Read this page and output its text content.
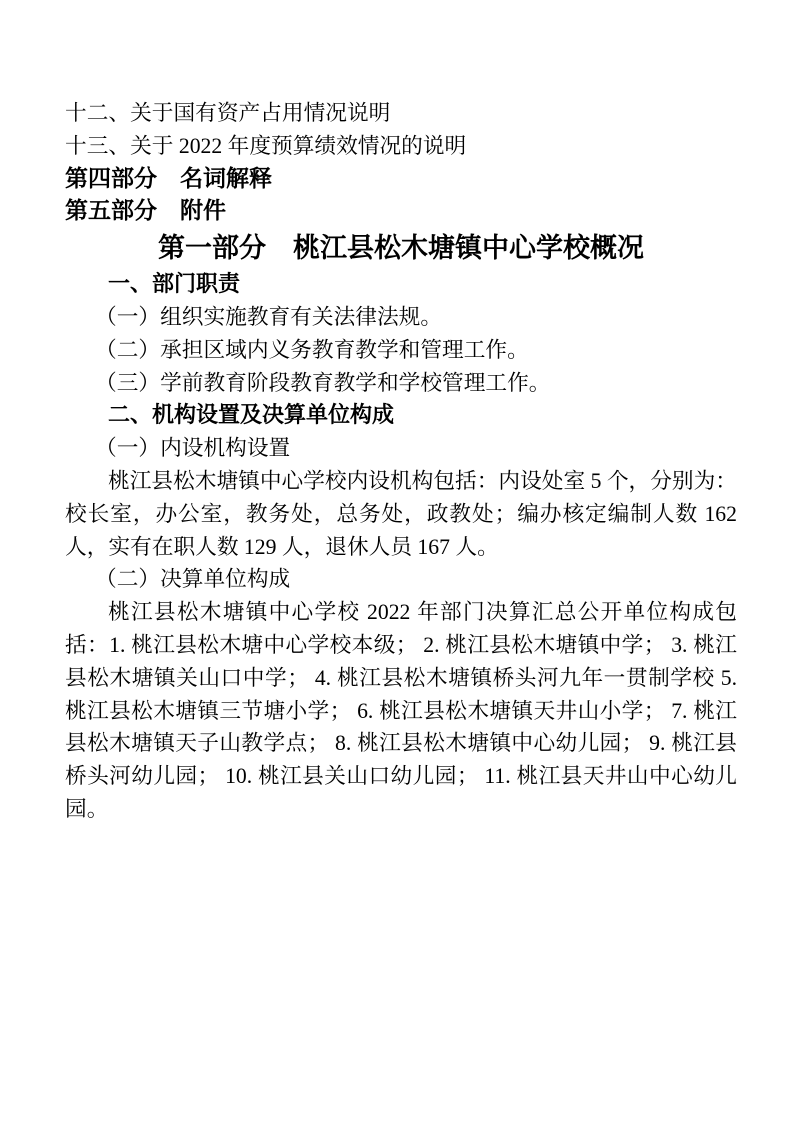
十二、关于国有资产占用情况说明

十三、关于 2022 年度预算绩效情况的说明

第四部分　名词解释

第五部分　附件

第一部分　桃江县松木塘镇中心学校概况

一、部门职责

（一）组织实施教育有关法律法规。

（二）承担区域内义务教育教学和管理工作。

（三）学前教育阶段教育教学和学校管理工作。

二、机构设置及决算单位构成

（一）内设机构设置

桃江县松木塘镇中心学校内设机构包括：内设处室 5 个，分别为：校长室，办公室，教务处，总务处，政教处；编办核定编制人数 162 人，实有在职人数 129 人，退休人员 167 人。

（二）决算单位构成

桃江县松木塘镇中心学校 2022 年部门决算汇总公开单位构成包括：1. 桃江县松木塘中心学校本级； 2. 桃江县松木塘镇中学； 3. 桃江县松木塘镇关山口中学； 4. 桃江县松木塘镇桥头河九年一贯制学校 5. 桃江县松木塘镇三节塘小学； 6. 桃江县松木塘镇天井山小学； 7. 桃江县松木塘镇天子山教学点； 8. 桃江县松木塘镇中心幼儿园； 9. 桃江县桥头河幼儿园； 10. 桃江县关山口幼儿园； 11. 桃江县天井山中心幼儿园。
